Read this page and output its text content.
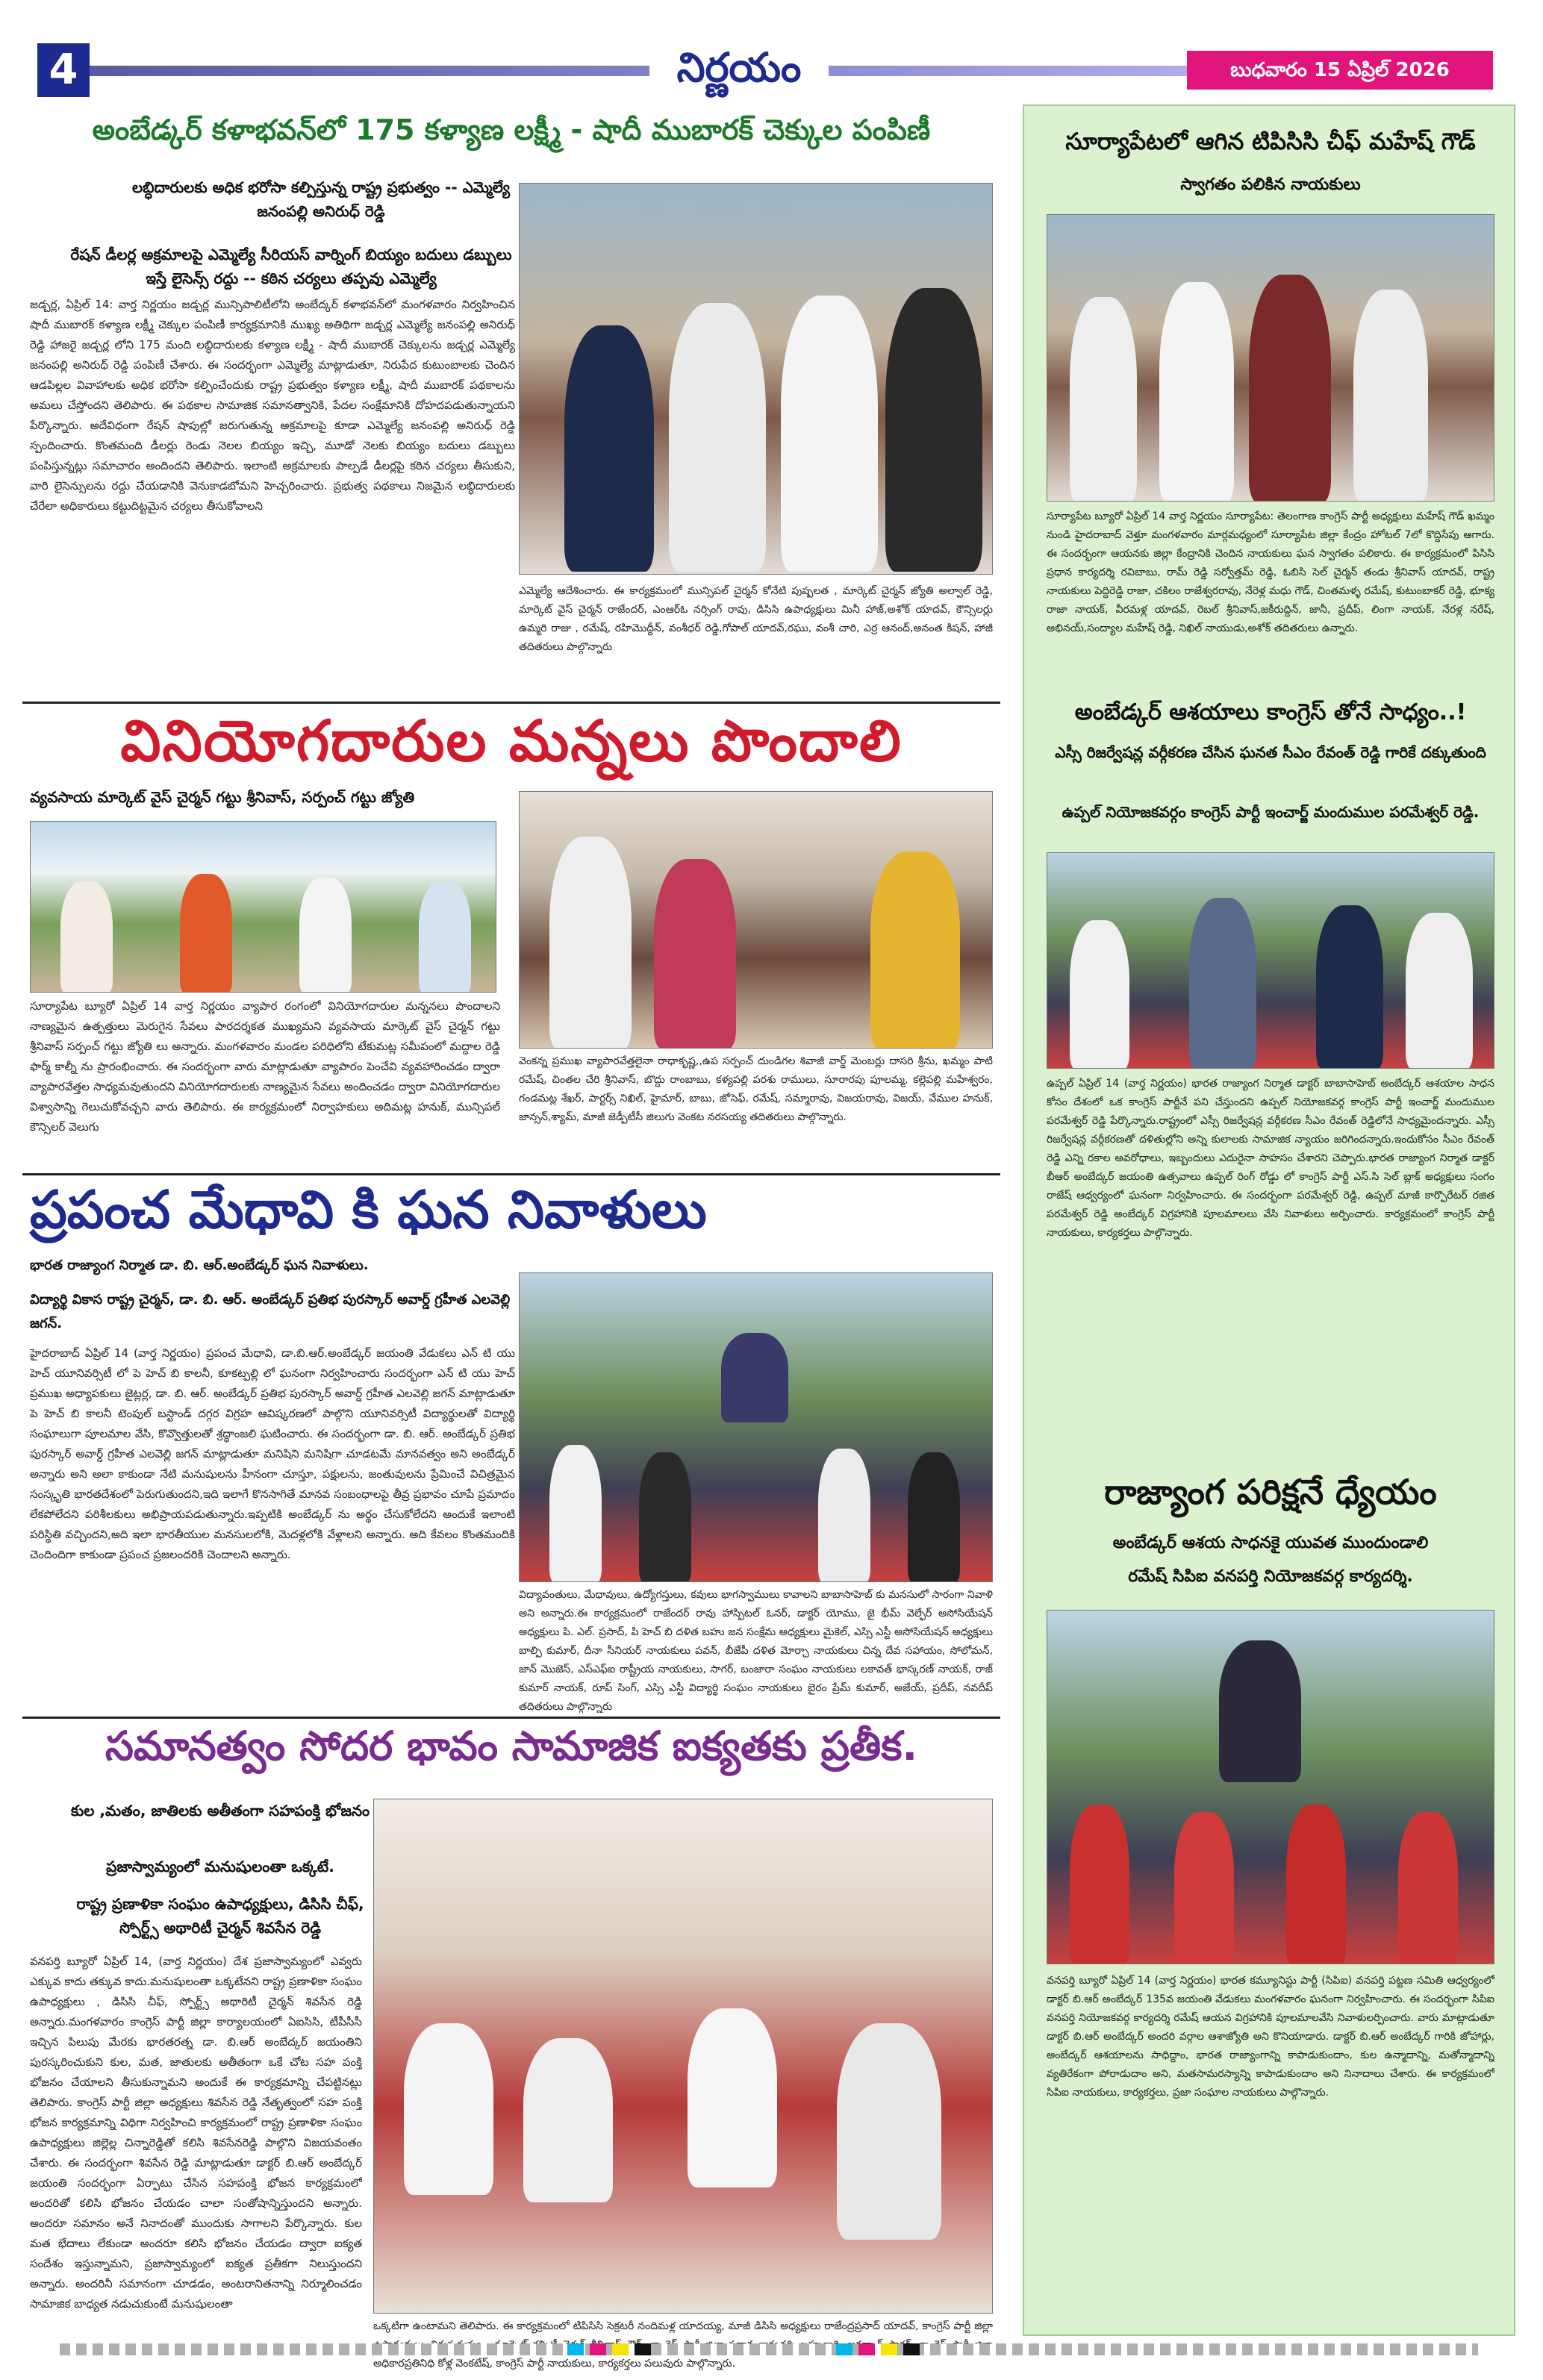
4	నిర్ణయం	బుధవారం 15 ఏప్రిల్ 2026
అంబేడ్కర్ కళాభవన్‌లో 175 కళ్యాణ లక్ష్మీ - షాదీ ముబారక్ చెక్కుల పంపిణీ
లబ్ధిదారులకు అధిక భరోసా కల్పిస్తున్న రాష్ట్ర ప్రభుత్వం -- ఎమ్మెల్యే జనంపల్లి అనిరుధ్ రెడ్డి
రేషన్ డీలర్ల అక్రమాలపై ఎమ్మెల్యే సీరియస్ వార్నింగ్ బియ్యం బదులు డబ్బులు ఇస్తే లైసెన్స్ రద్దు -- కఠిన చర్యలు తప్పవు ఎమ్మెల్యే
జడ్చర్ల, ఏప్రిల్ 14: వార్త నిర్ణయం జడ్చర్ల మున్సిపాలిటీలోని అంబేద్కర్ కళాభవన్‌లో మంగళవారం నిర్వహించిన షాదీ ముబారక్ కళ్యాణ లక్ష్మీ చెక్కుల పంపిణీ కార్యక్రమానికి ముఖ్య అతిథిగా జడ్చర్ల ఎమ్మెల్యే జనంపల్లి అనిరుధ్ రెడ్డి హాజరై జడ్చర్ల లోని 175 మంది లబ్ధిదారులకు కళ్యాణ లక్ష్మీ - షాదీ ముబారక్ చెక్కులను జడ్చర్ల ఎమ్మెల్యే జనంపల్లి అనిరుధ్ రెడ్డి పంపిణీ చేశారు. ఈ సందర్భంగా ఎమ్మెల్యే మాట్లాడుతూ, నిరుపేద కుటుంబాలకు చెందిన ఆడపిల్లల వివాహాలకు అధిక భరోసా కల్పించేందుకు రాష్ట్ర ప్రభుత్వం కళ్యాణ లక్ష్మీ, షాదీ ముబారక్ పథకాలను అమలు చేస్తోందని తెలిపారు. ఈ పథకాల సామాజిక సమానత్వానికి, పేదల సంక్షేమానికి దోహదపడుతున్నాయని పేర్కొన్నారు. అదేవిధంగా రేషన్ షాపుల్లో జరుగుతున్న అక్రమాలపై కూడా ఎమ్మెల్యే జనంపల్లి అనిరుధ్ రెడ్డి స్పందించారు. కొంతమంది డీలర్లు రెండు నెలల బియ్యం ఇచ్చి, మూడో నెలకు బియ్యం బదులు డబ్బులు పంపిస్తున్నట్లు సమాచారం అందిందని తెలిపారు. ఇలాంటి అక్రమాలకు పాల్పడే డీలర్లపై కఠిన చర్యలు తీసుకుని, వారి లైసెన్సులను రద్దు చేయడానికి వెనుకాడబోమని హెచ్చరించారు. ప్రభుత్వ పథకాలు నిజమైన లబ్ధిదారులకు చేరేలా అధికారులు కట్టుదిట్టమైన చర్యలు తీసుకోవాలని
ఎమ్మెల్యే ఆదేశించారు. ఈ కార్యక్రమంలో మున్సిపల్ చైర్మన్ కోనేటి పుష్పలత , మార్కెట్ చైర్మన్ జ్యోతి అల్వాల్ రెడ్డి, మార్కెట్ వైస్ చైర్మన్ రాజేందర్, ఎంఆర్ఓ నర్సింగ్ రావు, డిసిసి ఉపాధ్యక్షులు మినీ హాజ్,అశోక్ యాదవ్, కౌన్సిలర్లు ఉమ్మరి రాజు , రమేష్, రహిమొద్దీన్, వంశీధర్ రెడ్డి,గోపాల్ యాదవ్,రఘు, వంశీ చారి, ఎర్ర ఆనంద్,అనంత కిషన్, హాజీ తదితరులు పాల్గొన్నారు
వినియోగదారుల మన్నలు పొందాలి
వ్యవసాయ మార్కెట్ వైస్ చైర్మన్ గట్టు శ్రీనివాస్, సర్పంచ్ గట్టు జ్యోతి
సూర్యాపేట బ్యూరో ఏప్రిల్ 14 వార్త నిర్ణయం వ్యాపార రంగంలో వినియోగదారుల మన్ననలు పొందాలని నాణ్యమైన ఉత్పత్తులు మెరుగైన సేవలు పారదర్శకత ముఖ్యమని వ్యవసాయ మార్కెట్ వైస్ చైర్మన్ గట్టు శ్రీనివాస్ సర్పంచ్ గట్టు జ్యోతి లు అన్నారు. మంగళవారం మండల పరిధిలోని టేకుమట్ల సమీపంలో మద్దాల రెడ్డి ఫార్మ్ కాల్నీ ను ప్రారంభించారు. ఈ సందర్భంగా వారు మాట్లాడుతూ వ్యాపారం పెంచేవి వ్యవహారించడం ద్వారా వ్యాపారవేత్తల సాధ్యమవుతుందని వినియోగదారులకు నాణ్యమైన సేవలు అందించడం ద్వారా వినియోగదారుల విశ్వాసాన్ని గెలుచుకోవచ్చని వారు తెలిపారు. ఈ కార్యక్రమంలో నిర్వాహకులు అదిమట్ల హనుక్, మున్సిపల్ కౌన్సిలర్ వెలుగు
వెంకన్న ప్రముఖ వ్యాపారవేత్తలైనా రాధాకృష్ణ,,ఉప సర్పంచ్ దుండిగల శివాజీ వార్డ్ మెంబర్లు దాసరి శ్రీను, ఖమ్మం పాటి రమేష్, చింతల చేరి శ్రీనివాస్, బొద్దు రాంబాబు, కళ్యపల్లి పరశు రాములు, సూరారపు పూలమ్మ, కల్లెపల్లి మహేశ్వరం, గండమట్ల శేఖర్, పార్టర్స్ నిఖిల్, హైమార్, బాబు, జోసెఫ్, రమేష్, సమ్మారావు, విజయరావు, విజయ్, వేముల హనుక్, జాన్సన్,శ్యామ్, మాజీ జెడ్పీటీసీ జిలుగు వెంకట నరసయ్య తదితరులు పాల్గొన్నారు.
ప్రపంచ మేధావి కి ఘన నివాళులు
భారత రాజ్యాంగ నిర్మాత డా. బి. ఆర్.అంబేడ్కర్ ఘన నివాళులు.
విద్యార్థి వికాస రాష్ట్ర చైర్మన్, డా. బి. ఆర్. అంబేడ్కర్ ప్రతిభ పురస్కార్ అవార్డ్ గ్రహీత ఎలవెల్లి జగన్.
హైదరాబాద్ ఏప్రిల్ 14 (వార్త నిర్ణయం) ప్రపంచ మేధావి, డా.బి.ఆర్.అంబేడ్కర్ జయంతి వేడుకలు ఎన్ టి యు హెచ్ యూనివర్సిటీ లో పె హెచ్ బి కాలనీ, కూకట్పల్లి లో ఘనంగా నిర్వహించారు సందర్భంగా ఎన్ టి యు హెచ్ ప్రముఖ అధ్యాపకులు జైట్లర్ల, డా. బి. ఆర్. అంబేడ్కర్ ప్రతిభ పురస్కార్ అవార్డ్ గ్రహీత ఎలవెల్లి జగన్ మాట్లాడుతూ పె హెచ్ బి కాలనీ టెంపుల్ బస్టాండ్ దగ్గర విగ్రహ ఆవిష్కరణలో పాల్గొని యూనివర్సిటీ విద్యార్థులతో విద్యార్థి సంఘాలుగా పూలమాల వేసి, కొవ్వొత్తులతో శ్రద్ధాంజలి ఘటించారు. ఈ సందర్భంగా డా. బి. ఆర్. అంబేడ్కర్ ప్రతిభ పురస్కార్ అవార్డ్ గ్రహీత ఎలవెల్లి జగన్ మాట్లాడుతూ మనిషిని మనిషిగా చూడటమే మానవత్వం అని అంబేడ్కర్ అన్నారు అని అలా కాకుండా నేటి మనుషులను హీనంగా చూస్తూ, పక్షులను, జంతువులను ప్రేమించే విచిత్రమైన సంస్కృతి భారతదేశంలో పెరుగుతుందని,ఇది ఇలాగే కొనసాగితే మానవ సంబంధాలపై తీవ్ర ప్రభావం చూపే ప్రమాదం లేకపోలేదని పరిశీలకులు అభిప్రాయపడుతున్నారు.ఇప్పటికి అంబేడ్కర్ ను అర్థం చేసుకోలేదని అందుకే ఇలాంటి పరిస్థితి వచ్చిందని,అది ఇలా భారతీయుల మనసులలోకి, మెదళ్లలోకి వేళ్లాలని అన్నారు. అది కేవలం కొంతమందికి చెందిందిగా కాకుండా ప్రపంచ ప్రజలందరికి చెందాలని అన్నారు.
విద్యావంతులు, మేధావులు, ఉద్యోగస్తులు, కవులు భాగస్వాములు కావాలని బాబాసాహెబ్ కు మనసులో సారంగా నివాళి అని అన్నారు.ఈ కార్యక్రమంలో రాజేందర్ రావు హాస్పిటల్ ఓనర్, డాక్టర్ యోము, జై భీమ్ వెల్ఫేర్ అసోసియేషన్ అధ్యక్షులు పి. ఎల్. ప్రసాద్, పి హెచ్ బి దళిత బహు జన సంక్షేమ అధ్యక్షులు మైకెల్, ఎస్సి ఎస్టీ అసోసియేషన్ అధ్యక్షులు బాల్పి కుమార్, దీనా సీనియర్ నాయకులు పవన్, బీజేపీ దళిత మోర్చా నాయకులు చిన్న దేవ సహాయం, సోలోమన్, జాన్ మొజెస్, ఎస్ఎఫ్‌ఐ రాష్ట్రీయ నాయకులు, సాగర్, బంజారా సంఘం నాయకులు లకావత్ భాస్కరణ్ నాయక్, రాజ్ కుమార్ నాయక్, రూప్ సింగ్, ఎస్సి ఎస్టీ విద్యార్థి సంఘం నాయకులు బైరం ప్రేమ్ కుమార్, అజేయ్, ప్రదీప్, నవదీప్ తదితరులు పాల్గొన్నారు
సమానత్వం సోదర భావం సామాజిక ఐక్యతకు ప్రతీక.
కుల ,మతం, జాతిలకు అతీతంగా సహపంక్తి భోజనం
ప్రజాస్వామ్యంలో మనుషులంతా ఒక్కటే.
రాష్ట్ర ప్రణాళికా సంఘం ఉపాధ్యక్షులు, డిసిసి చీఫ్, స్పోర్ట్స్ అథారిటీ చైర్మన్ శివసేన రెడ్డి
వనపర్తి బ్యూరో ఏప్రిల్ 14, (వార్త నిర్ణయం) దేశ ప్రజాస్వామ్యంలో ఎవ్వరు ఎక్కువ కాదు తక్కువ కాదు.మనుషులంతా ఒక్కటేనని రాష్ట్ర ప్రణాళికా సంఘం ఉపాధ్యక్షులు , డిసిసి చీఫ్, స్పోర్ట్స్ అథారిటీ చైర్మన్ శివసేన రెడ్డి అన్నారు.మంగళవారం కాంగ్రెస్ పార్టీ జిల్లా కార్యాలయంలో ఏఐసిసి, టీపీసీసీ ఇచ్చిన పిలుపు మేరకు భారతరత్న డా. బి.ఆర్ అంబేద్కర్ జయంతిని పురస్కరించుకుని కుల, మత, జాతులకు అతీతంగా ఒకే చోట సహ పంక్తి భోజనం చేయాలని తీసుకున్నామని అందుకే ఈ కార్యక్రమాన్ని చేపట్టినట్లు తెలిపారు. కాంగ్రెస్ పార్టీ జిల్లా అధ్యక్షులు శివసేన రెడ్డి నేతృత్వంలో సహ పంక్తి భోజన కార్యక్రమాన్ని విధిగా నిర్వహించి కార్యక్రమంలో రాష్ట్ర ప్రణాళికా సంఘం ఉపాధ్యక్షులు జిల్లెల్ల చిన్నారెడ్డితో కలిసి శివసేనరెడ్డి పాల్గొని విజయవంతం చేశారు. ఈ సందర్భంగా శివసేన రెడ్డి మాట్లాడుతూ డాక్టర్ బి.ఆర్ అంబేద్కర్ జయంతి సందర్భంగా ఏర్పాటు చేసిన సహపంక్తి భోజన కార్యక్రమంలో అందరితో కలిసి భోజనం చేయడం చాలా సంతోషాన్నిస్తుందని అన్నారు. అందరూ సమానం అనే నినాదంతో ముందుకు సాగాలని పేర్కొన్నారు. కుల మత భేదాలు లేకుండా అందరూ కలిసి భోజనం చేయడం ద్వారా ఐక్యత సందేశం ఇస్తున్నామని, ప్రజాస్వామ్యంలో ఐక్యత ప్రతీకగా నిలుస్తుందని అన్నారు. అందరినీ సమానంగా చూడడం, అంటరానితనాన్ని నిర్మూలించడం సామాజిక బాధ్యత నడుచుకుంటే మనుషులంతా
ఒక్కటిగా ఉంటామని తెలిపారు. ఈ కార్యక్రమంలో టిపిసిసి సెక్రటరీ నందిమళ్ల యాదయ్య, మాజీ డిసిసి అధ్యక్షులు రాజేంద్రప్రసాద్ యాదవ్, కాంగ్రెస్ పార్టీ జిల్లా అధికారప్రతినిధి కోళ్ల వెంకటేష్, కాంగ్రెస్ పార్టీ నాయకులు, కార్యకర్తలు పలువురు పాల్గొన్నారు.
సూర్యాపేటలో ఆగిన టిపిసిసి చీఫ్ మహేష్ గౌడ్
స్వాగతం పలికిన నాయకులు
సూర్యాపేట బ్యూరో ఏప్రిల్ 14 వార్త నిర్ణయం సూర్యాపేట: తెలంగాణ కాంగ్రెస్ పార్టీ అధ్యక్షులు మహేష్ గౌడ్ ఖమ్మం నుండి హైదరాబాద్ వెళ్తూ మంగళవారం మార్గమధ్యంలో సూర్యాపేట జిల్లా కేంద్రం హోటల్ 7లో కొద్దిసేపు ఆగారు. ఈ సందర్భంగా ఆయనకు జిల్లా కేంద్రానికి చెందిన నాయకులు ఘన స్వాగతం పలికారు. ఈ కార్యక్రమంలో పిసిసి ప్రధాన కార్యదర్శి రవిబాబు, రామ్ రెడ్డి సర్వోత్తమ్ రెడ్డి, ఓబిసి సెల్ చైర్మన్ తండు శ్రీనివాస్ యాదవ్, రాష్ట్ర నాయకులు పెద్దిరెడ్డి రాజా, చకిలం రాజేశ్వరరావు, నేరెళ్ల మధు గౌడ్, చింతమళ్ళ రమేష్, కుటుంబాకర్ రెడ్డి, భూక్య రాజా నాయక్, వీరమళ్ల యాదవ్, రెబల్ శ్రీనివాస్,జకీరుద్దిన్, జానీ, ప్రదీప్, లింగా నాయక్, నేరళ్ల నరేష్, అభినయ్,సంద్యాల మహేష్ రెడ్డి, నిఖిల్ నాయుడు,అశోక్ తదితరులు ఉన్నారు.
అంబేడ్కర్ ఆశయాలు కాంగ్రెస్ తోనే సాధ్యం..!
ఎస్సీ రిజర్వేషన్ల వర్గీకరణ చేసిన ఘనత సీఎం రేవంత్ రెడ్డి గారికే దక్కుతుంది
ఉప్పల్ నియోజకవర్గం కాంగ్రెస్ పార్టీ ఇంచార్జ్ మందుముల పరమేశ్వర్ రెడ్డి.
ఉప్పల్ ఏప్రిల్ 14 (వార్త నిర్ణయం) భారత రాజ్యాంగ నిర్మాత డాక్టర్ బాబాసాహెబ్ అంబేద్కర్ ఆశయాల సాధన కోసం దేశంలో ఒక కాంగ్రెస్ పార్టీనే పని చేస్తుందని ఉప్పల్ నియోజకవర్గ కాంగ్రెస్ పార్టీ ఇంచార్జ్ మందుముల పరమేశ్వర్ రెడ్డి పేర్కొన్నారు.రాష్ట్రంలో ఎస్సీ రిజర్వేషన్ల వర్గీకరణ సీఎం రేవంత్ రెడ్డిలోనే సాధ్యమైందన్నారు. ఎస్సీ రిజర్వేషన్ల వర్గీకరణతో దళితుల్లోని అన్ని కులాలకు సామాజిక న్యాయం జరిగిందన్నారు.ఇందుకోసం సీఎం రేవంత్ రెడ్డి ఎన్ని రకాల అవరోధాలు, ఇబ్బందులు ఎదురైనా సాహసం చేశారని చెప్పారు.భారత రాజ్యాంగ నిర్మాత డాక్టర్ బీఆర్ అంబేద్కర్ జయంతి ఉత్సవాలు ఉప్పల్ రింగ్ రోడ్డు లో కాంగ్రెస్ పార్టీ ఎస్.సి సెల్ బ్లాక్ అధ్యక్షులు సంగం రాజేష్ ఆధ్వర్యంలో ఘనంగా నిర్వహించారు. ఈ సందర్భంగా పరమేశ్వర్ రెడ్డి, ఉప్పల్ మాజీ కార్పొరేటర్ రజిత పరమేశ్వర్ రెడ్డి అంబేద్కర్ విగ్రహానికి పూలమాలలు వేసి నివాళులు అర్పించారు. కార్యక్రమంలో కాంగ్రెస్ పార్టీ నాయకులు, కార్యకర్తలు పాల్గొన్నారు.
రాజ్యాంగ పరిక్షనే ధ్యేయం
అంబేడ్కర్ ఆశయ సాధనకై యువత ముందుండాలి
రమేష్ సిపిఐ వనపర్తి నియోజకవర్గ కార్యదర్శి.
వనపర్తి బ్యూరో ఏప్రిల్ 14 (వార్త నిర్ణయం) భారత కమ్యూనిస్టు పార్టీ (సిపిఐ) వనపర్తి పట్టణ సమితి ఆధ్వర్యంలో డాక్టర్ బి.ఆర్ అంబేద్కర్ 135వ జయంతి వేడుకలు మంగళవారం ఘనంగా నిర్వహించారు. ఈ సందర్భంగా సిపిఐ వనపర్తి నియోజకవర్గ కార్యదర్శి రమేష్ ఆయన విగ్రహానికి పూలమాలవేసి నివాళులర్పించారు. వారు మాట్లాడుతూ డాక్టర్ బి.ఆర్ అంబేద్కర్ అందరి వర్గాల ఆశాజ్యోతి అని కొనియాడారు. డాక్టర్ బి.ఆర్ అంబేద్కర్ గారికి జోహార్లు, అంబేద్కర్ ఆశయాలను సాధిద్దాం, భారత రాజ్యాంగాన్ని కాపాడుకుందాం, కుల ఉన్మాదాన్ని, మతోన్మాదాన్ని వ్యతిరేకంగా పోరాడుదాం అని, మతసామరస్యాన్ని కాపాడుకుందాం అని నినాదాలు చేశారు. ఈ కార్యక్రమంలో సిపిఐ నాయకులు, కార్యకర్తలు, ప్రజా సంఘాల నాయకులు పాల్గొన్నారు.
